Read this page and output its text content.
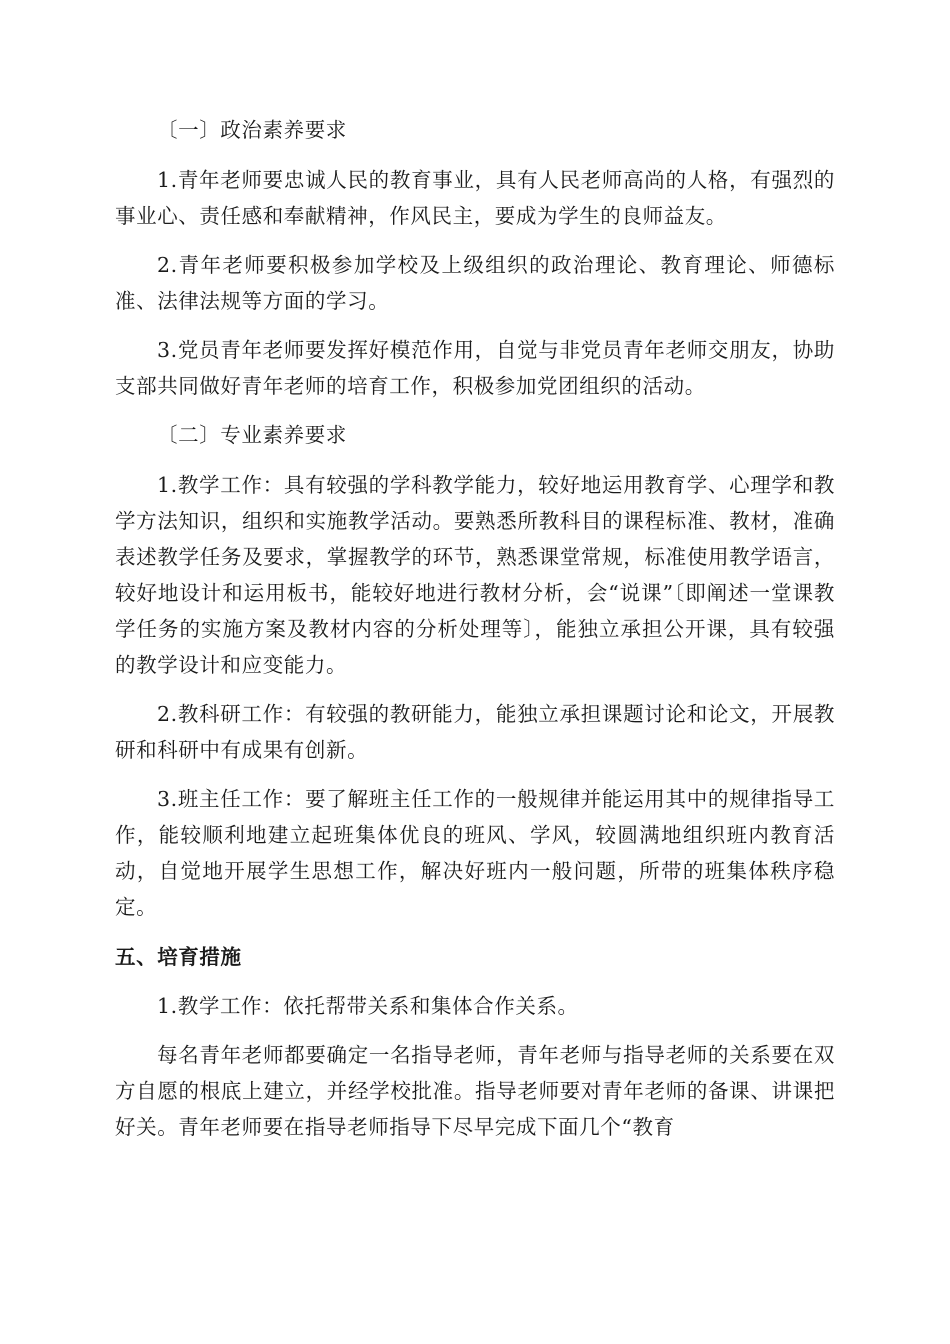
〔一〕政治素养要求

1.青年老师要忠诚人民的教育事业，具有人民老师高尚的人格，有强烈的事业心、责任感和奉献精神，作风民主，要成为学生的良师益友。

2.青年老师要积极参加学校及上级组织的政治理论、教育理论、师德标准、法律法规等方面的学习。

3.党员青年老师要发挥好模范作用，自觉与非党员青年老师交朋友，协助支部共同做好青年老师的培育工作，积极参加党团组织的活动。

〔二〕专业素养要求

1.教学工作：具有较强的学科教学能力，较好地运用教育学、心理学和教学方法知识，组织和实施教学活动。要熟悉所教科目的课程标准、教材，准确表述教学任务及要求，掌握教学的环节，熟悉课堂常规，标准使用教学语言，较好地设计和运用板书，能较好地进行教材分析，会“说课”〔即阐述一堂课教学任务的实施方案及教材内容的分析处理等〕，能独立承担公开课，具有较强的教学设计和应变能力。

2.教科研工作：有较强的教研能力，能独立承担课题讨论和论文，开展教研和科研中有成果有创新。

3.班主任工作：要了解班主任工作的一般规律并能运用其中的规律指导工作，能较顺利地建立起班集体优良的班风、学风，较圆满地组织班内教育活动，自觉地开展学生思想工作，解决好班内一般问题，所带的班集体秩序稳定。

五、培育措施

1.教学工作：依托帮带关系和集体合作关系。

每名青年老师都要确定一名指导老师，青年老师与指导老师的关系要在双方自愿的根底上建立，并经学校批准。指导老师要对青年老师的备课、讲课把好关。青年老师要在指导老师指导下尽早完成下面几个“教育
